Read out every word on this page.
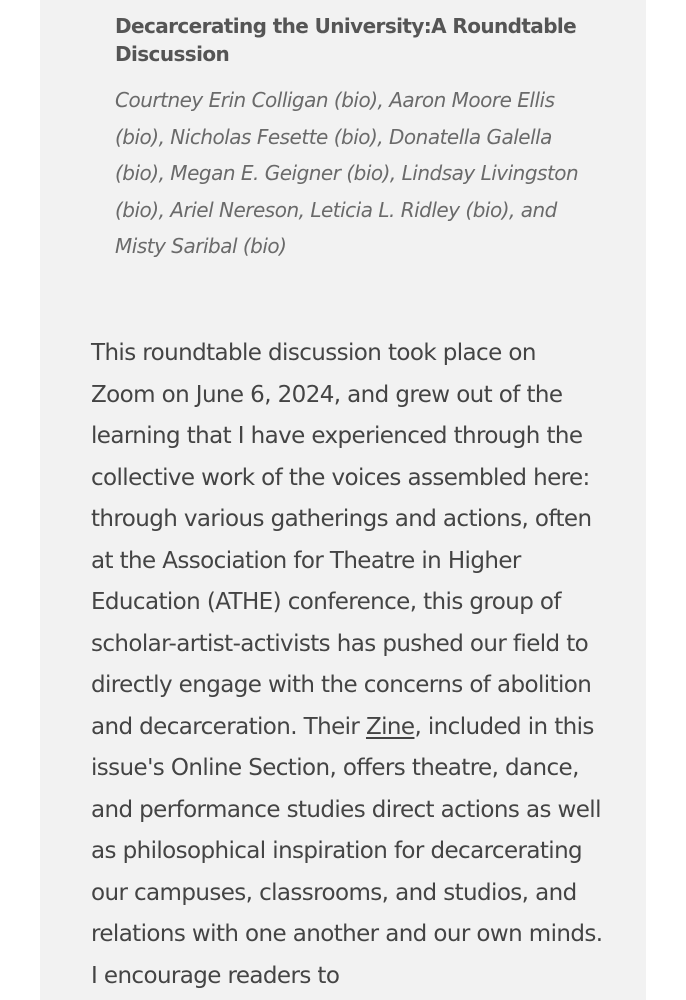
Decarcerating the University:A Roundtable Discussion

Courtney Erin Colligan (bio), Aaron Moore Ellis (bio), Nicholas Fesette (bio), Donatella Galella (bio), Megan E. Geigner (bio), Lindsay Livingston (bio), Ariel Nereson, Leticia L. Ridley (bio), and Misty Saribal (bio)

This roundtable discussion took place on Zoom on June 6, 2024, and grew out of the learning that I have experienced through the collective work of the voices assembled here: through various gatherings and actions, often at the Association for Theatre in Higher Education (ATHE) conference, this group of scholar-artist-activists has pushed our field to directly engage with the concerns of abolition and decarceration. Their Zine, included in this issue's Online Section, offers theatre, dance, and performance studies direct actions as well as philosophical inspiration for decarcerating our campuses, classrooms, and studios, and relations with one another and our own minds. I encourage readers to
